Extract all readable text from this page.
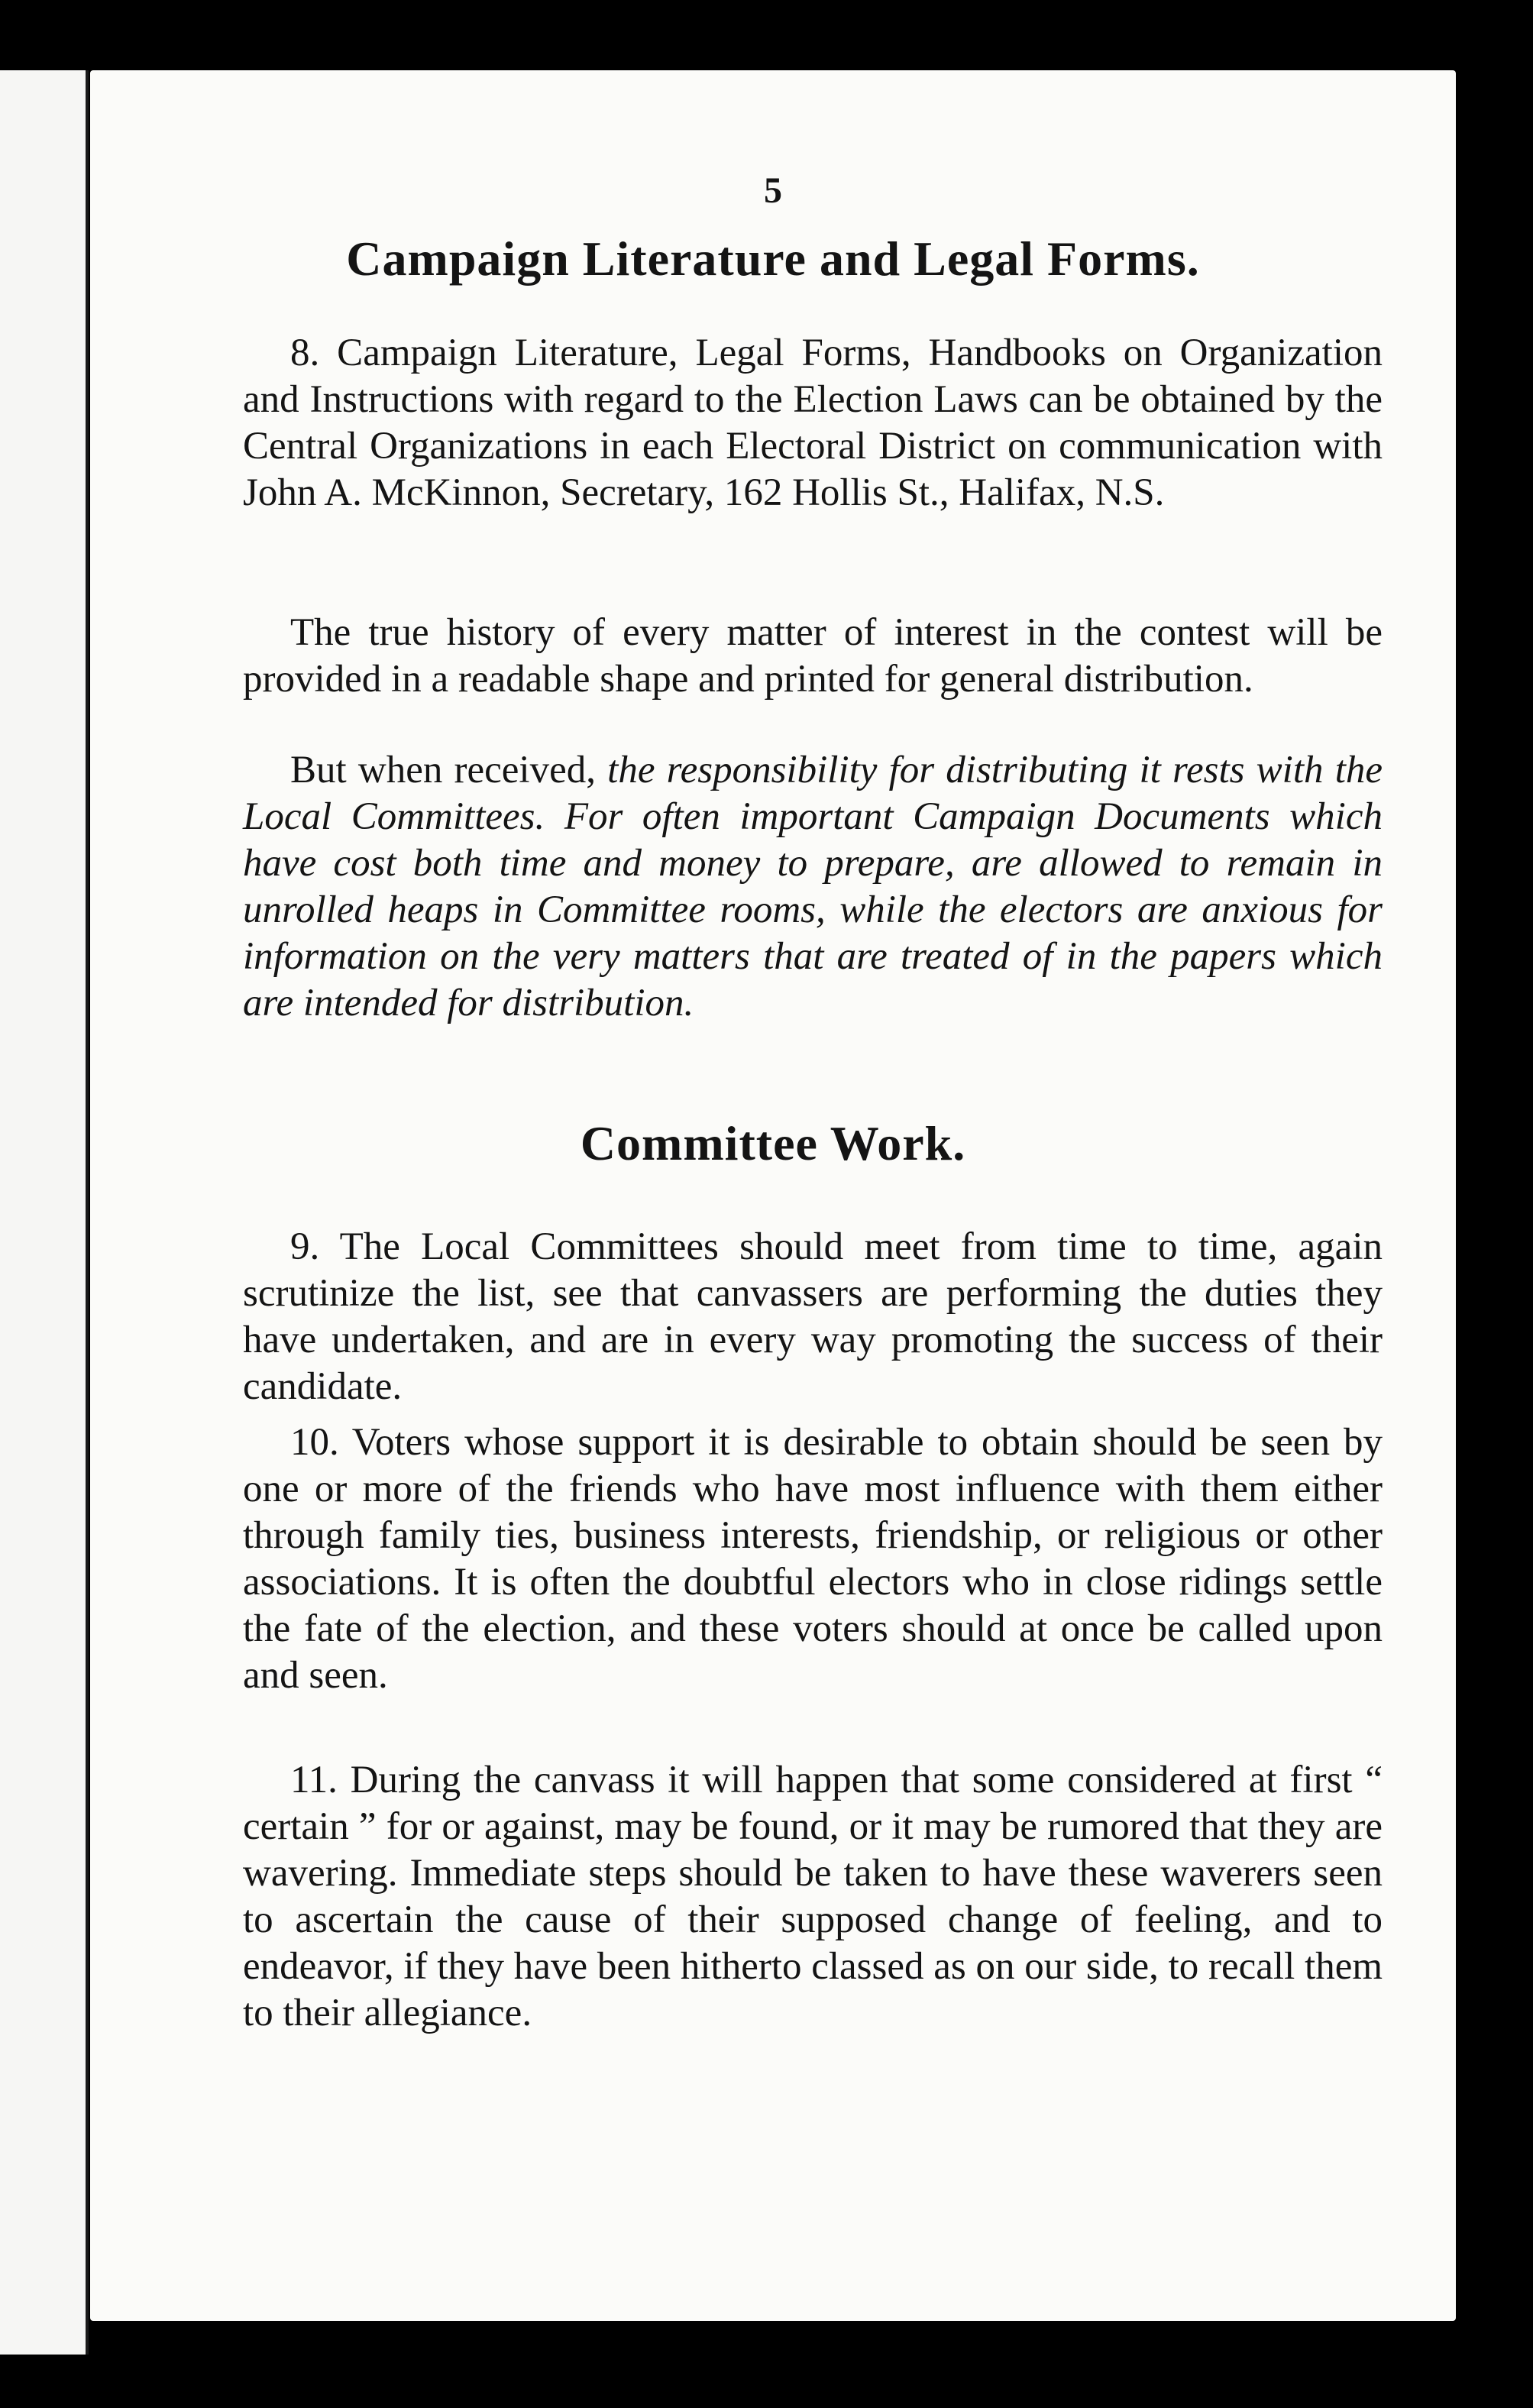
5
Campaign Literature and Legal Forms.

8. Campaign Literature, Legal Forms, Handbooks on Organization and Instructions with regard to the Election Laws can be obtained by the Central Organizations in each Electoral District on communication with John A. McKinnon, Secretary, 162 Hollis St., Halifax, N.S.

The true history of every matter of interest in the contest will be provided in a readable shape and printed for general distribution.

But when received, the responsibility for distributing it rests with the Local Committees. For often important Campaign Documents which have cost both time and money to prepare, are allowed to remain in unrolled heaps in Committee rooms, while the electors are anxious for information on the very matters that are treated of in the papers which are intended for distribution.

Committee Work.

9. The Local Committees should meet from time to time, again scrutinize the list, see that canvassers are performing the duties they have undertaken, and are in every way promoting the success of their candidate.

10. Voters whose support it is desirable to obtain should be seen by one or more of the friends who have most influence with them either through family ties, business interests, friendship, or religious or other associations. It is often the doubtful electors who in close ridings settle the fate of the election, and these voters should at once be called upon and seen.

11. During the canvass it will happen that some considered at first “ certain ” for or against, may be found, or it may be rumored that they are wavering. Immediate steps should be taken to have these waverers seen to ascertain the cause of their supposed change of feeling, and to endeavor, if they have been hitherto classed as on our side, to recall them to their allegiance.
